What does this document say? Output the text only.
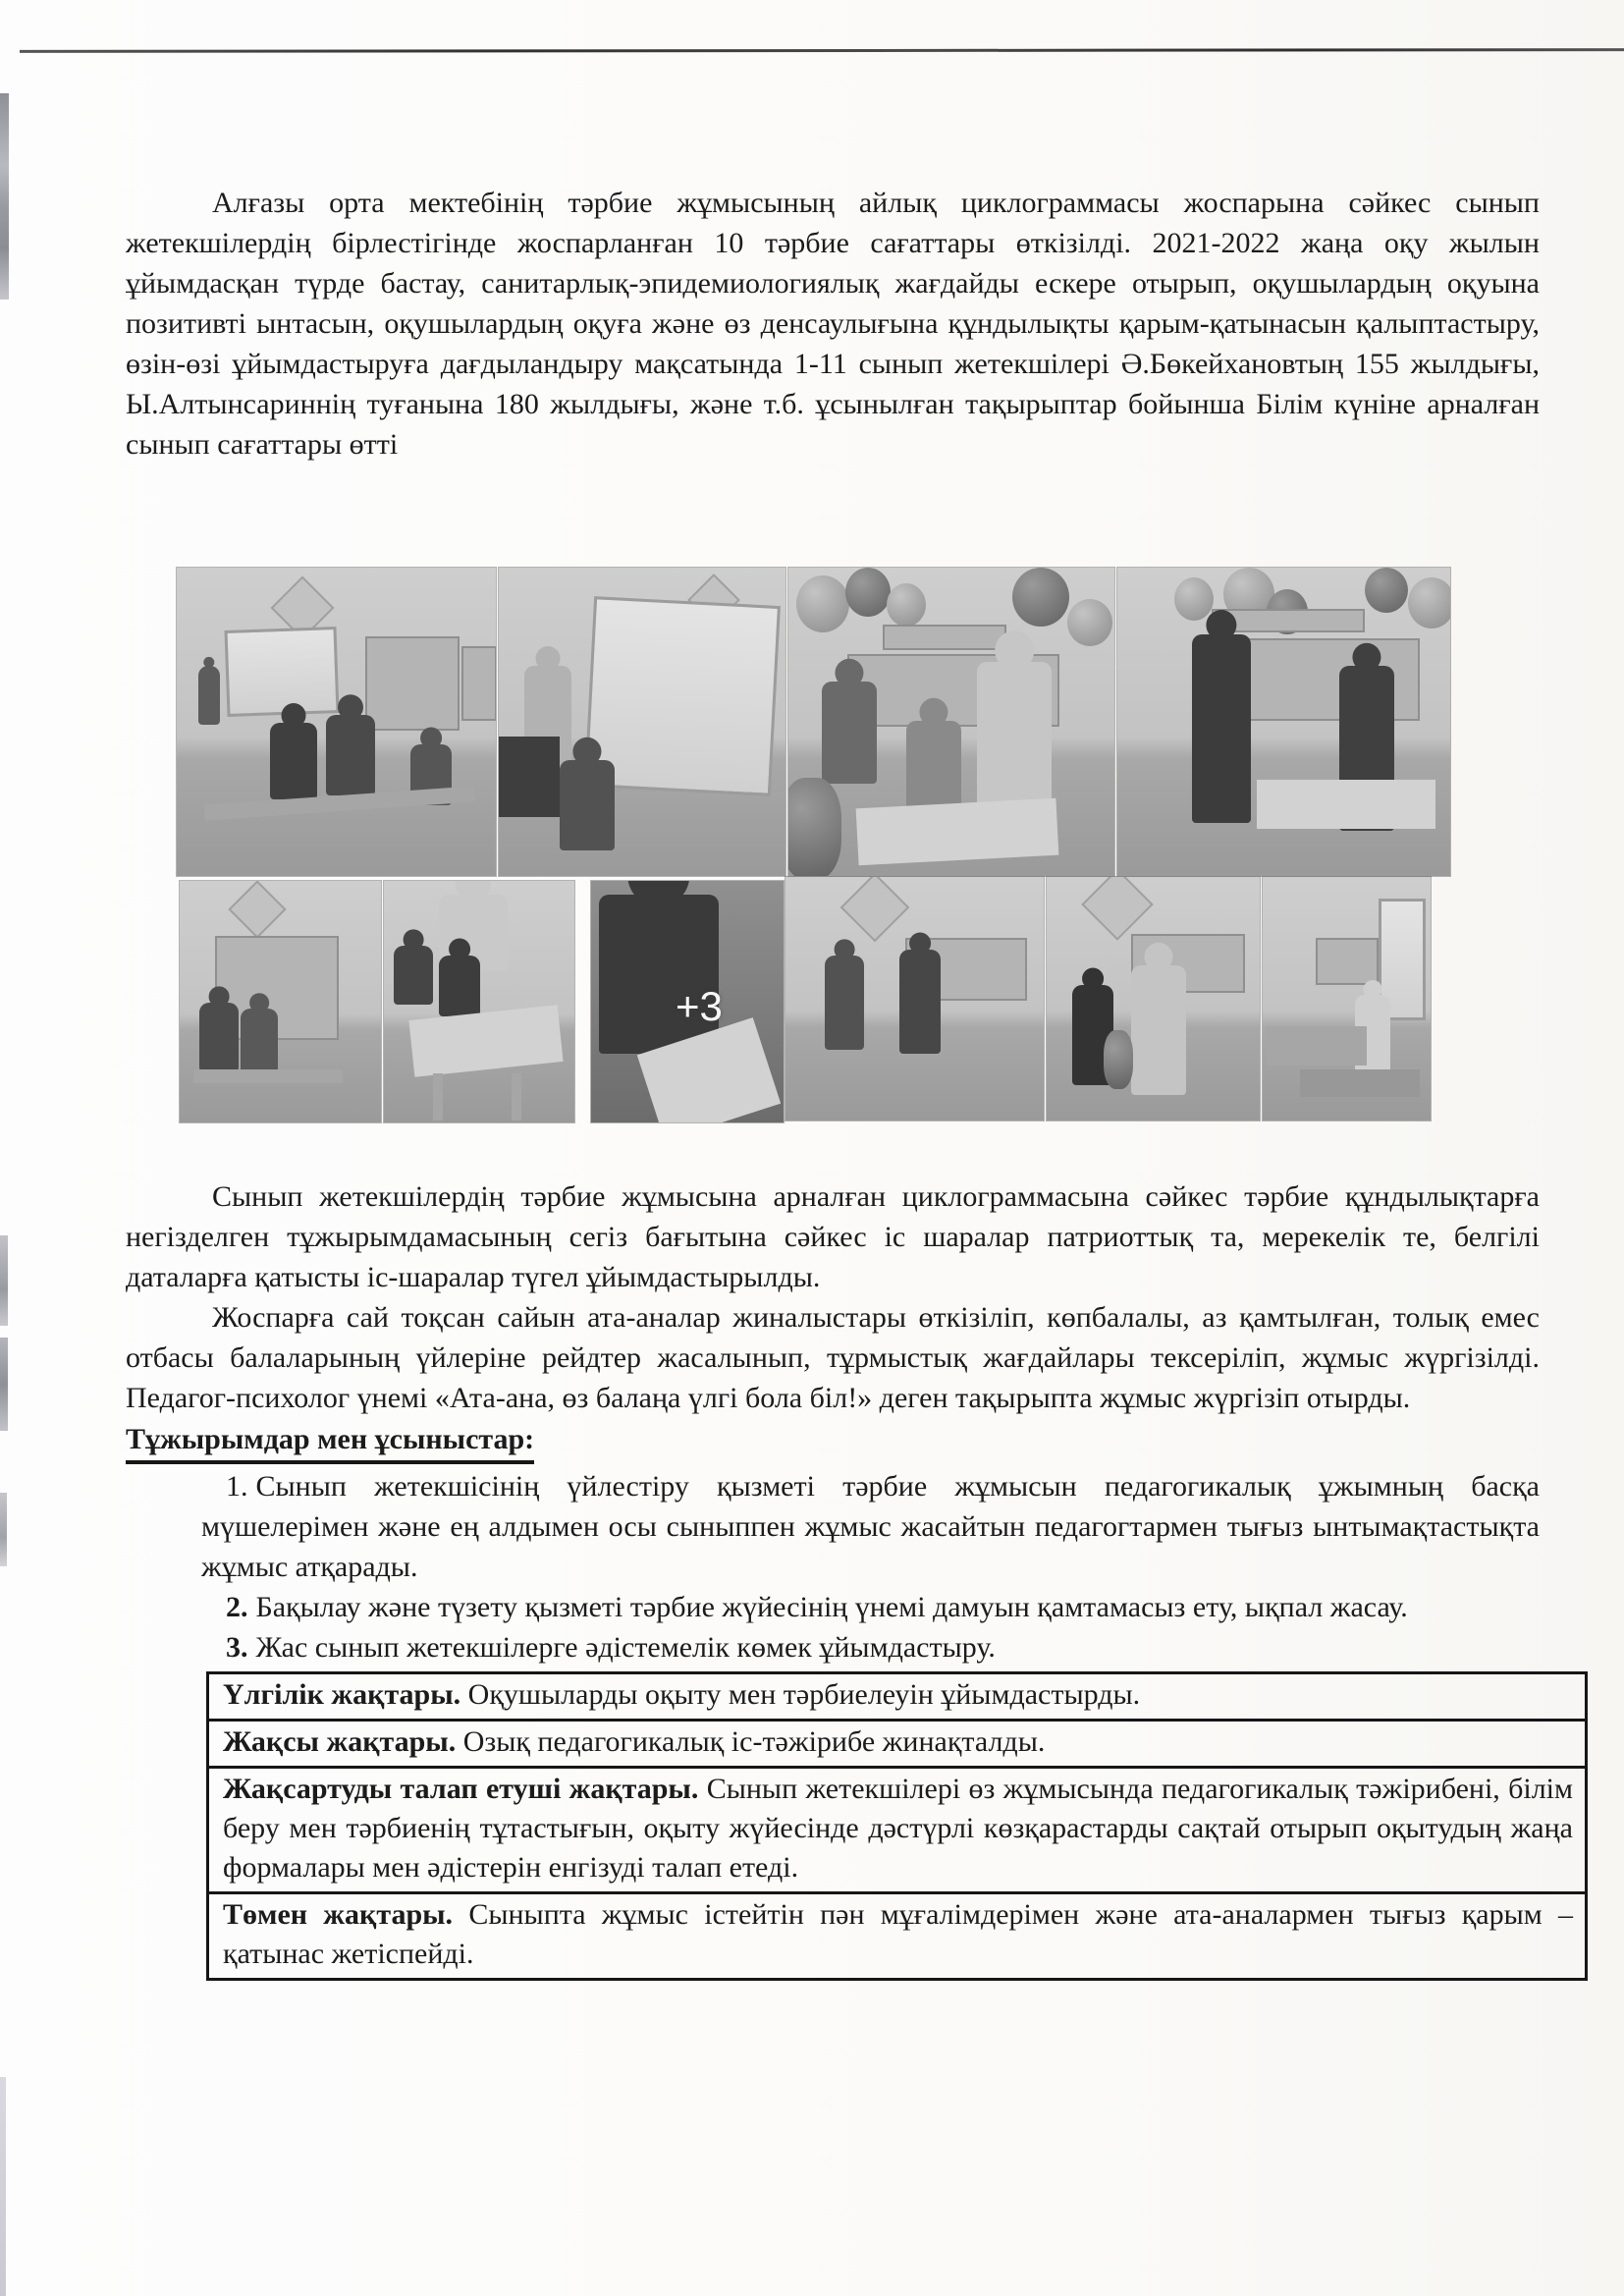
Алғазы орта мектебінің тәрбие жұмысының айлық циклограммасы жоспарына сәйкес сынып жетекшілердің бірлестігінде жоспарланған 10 тәрбие сағаттары өткізілді. 2021-2022 жаңа оқу жылын ұйымдасқан түрде бастау, санитарлық-эпидемиологиялық жағдайды ескере отырып, оқушылардың оқуына позитивті ынтасын, оқушылардың оқуға және өз денсаулығына құндылықты қарым-қатынасын қалыптастыру, өзін-өзі ұйымдастыруға дағдыландыру мақсатында 1-11 сынып жетекшілері Ә.Бөкейхановтың 155 жылдығы, Ы.Алтынсариннің туғанына 180 жылдығы, және т.б. ұсынылған тақырыптар бойынша Білім күніне арналған сынып сағаттары өтті
+3

Сынып жетекшілердің тәрбие жұмысына арналған циклограммасына сәйкес тәрбие құндылықтарға негізделген тұжырымдамасының сегіз бағытына сәйкес іс шаралар патриоттық та, мерекелік те, белгілі даталарға қатысты іс-шаралар түгел ұйымдастырылды.

Жоспарға сай тоқсан сайын ата-аналар жиналыстары өткізіліп, көпбалалы, аз қамтылған, толық емес отбасы балаларының үйлеріне рейдтер жасалынып, тұрмыстық жағдайлары тексеріліп, жұмыс жүргізілді. Педагог-психолог үнемі «Ата-ана, өз балаңа үлгі бола біл!» деген тақырыпта жұмыс жүргізіп отырды.

Тұжырымдар мен ұсыныстар:
1. Сынып жетекшісінің үйлестіру қызметі тәрбие жұмысын педагогикалық ұжымның басқа мүшелерімен және ең алдымен осы сыныппен жұмыс жасайтын педагогтармен тығыз ынтымақтастықта жұмыс атқарады.
2. Бақылау және түзету қызметі тәрбие жүйесінің үнемі дамуын қамтамасыз ету, ықпал жасау.
3. Жас сынып жетекшілерге әдістемелік көмек ұйымдастыру.
Үлгілік жақтары. Оқушыларды оқыту мен тәрбиелеуін ұйымдастырды.
Жақсы жақтары. Озық педагогикалық іс-тәжірибе жинақталды.
Жақсартуды талап етуші жақтары. Сынып жетекшілері өз жұмысында педагогикалық тәжірибені, білім беру мен тәрбиенің тұтастығын, оқыту жүйесінде дәстүрлі көзқарастарды сақтай отырып оқытудың жаңа формалары мен әдістерін енгізуді талап етеді.
Төмен жақтары. Сыныпта жұмыс істейтін пән мұғалімдерімен және ата-аналармен тығыз қарым –қатынас жетіспейді.
